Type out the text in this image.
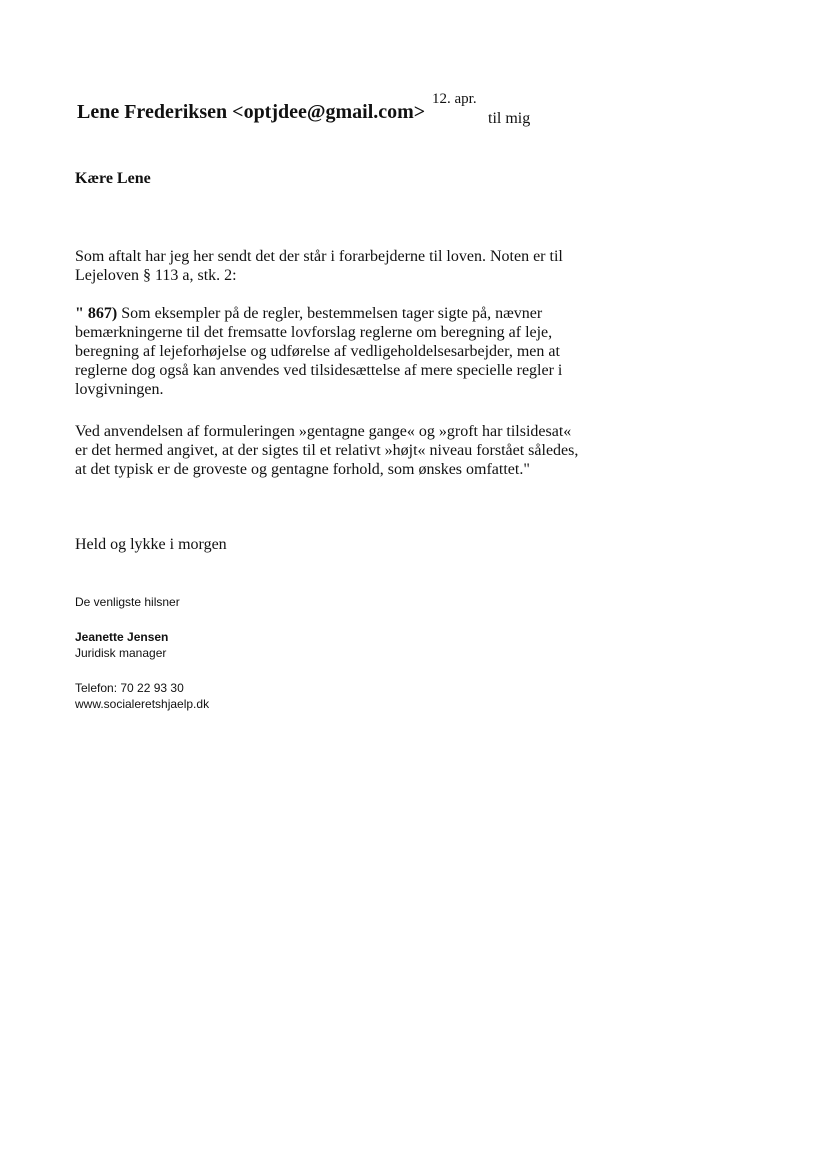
Lene Frederiksen <optjdee@gmail.com>
12. apr.
til mig
Kære Lene
Som aftalt har jeg her sendt det der står i forarbejderne til loven. Noten er til
Lejeloven § 113 a, stk. 2:
" 867) Som eksempler på de regler, bestemmelsen tager sigte på, nævner
bemærkningerne til det fremsatte lovforslag reglerne om beregning af leje,
beregning af lejeforhøjelse og udførelse af vedligeholdelsesarbejder, men at
reglerne dog også kan anvendes ved tilsidesættelse af mere specielle regler i
lovgivningen.
Ved anvendelsen af formuleringen »gentagne gange« og »groft har tilsidesat«
er det hermed angivet, at der sigtes til et relativt »højt« niveau forstået således,
at det typisk er de groveste og gentagne forhold, som ønskes omfattet."
Held og lykke i morgen
De venligste hilsner
Jeanette Jensen
Juridisk manager
Telefon: 70 22 93 30
www.socialeretshjaelp.dk
